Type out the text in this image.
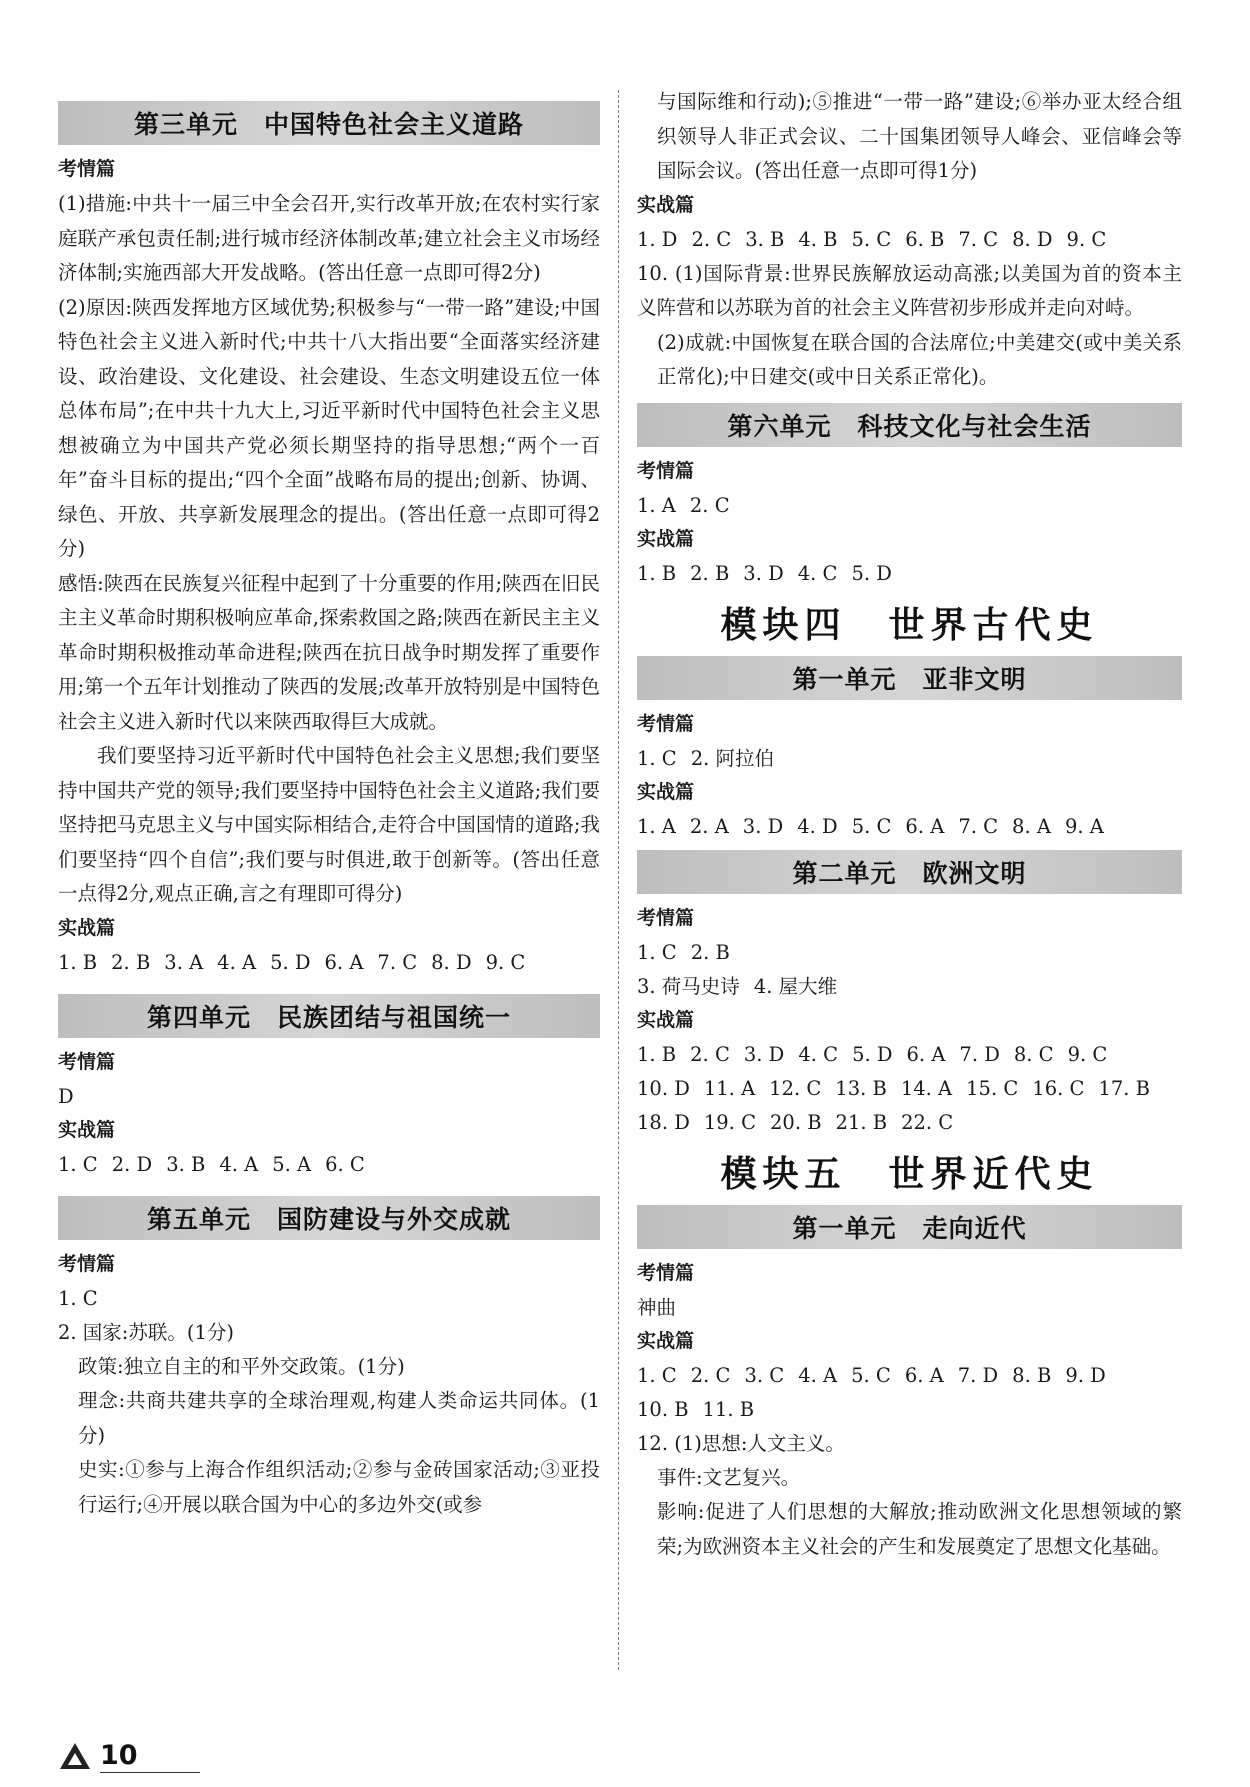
第三单元　中国特色社会主义道路
考情篇

(1)措施:中共十一届三中全会召开,实行改革开放;在农村实行家庭联产承包责任制;进行城市经济体制改革;建立社会主义市场经济体制;实施西部大开发战略。(答出任意一点即可得2分)

(2)原因:陕西发挥地方区域优势;积极参与“一带一路”建设;中国特色社会主义进入新时代;中共十八大指出要“全面落实经济建设、政治建设、文化建设、社会建设、生态文明建设五位一体总体布局”;在中共十九大上,习近平新时代中国特色社会主义思想被确立为中国共产党必须长期坚持的指导思想;“两个一百年”奋斗目标的提出;“四个全面”战略布局的提出;创新、协调、绿色、开放、共享新发展理念的提出。(答出任意一点即可得2分)

感悟:陕西在民族复兴征程中起到了十分重要的作用;陕西在旧民主主义革命时期积极响应革命,探索救国之路;陕西在新民主主义革命时期积极推动革命进程;陕西在抗日战争时期发挥了重要作用;第一个五年计划推动了陕西的发展;改革开放特别是中国特色社会主义进入新时代以来陕西取得巨大成就。

我们要坚持习近平新时代中国特色社会主义思想;我们要坚持中国共产党的领导;我们要坚持中国特色社会主义道路;我们要坚持把马克思主义与中国实际相结合,走符合中国国情的道路;我们要坚持“四个自信”;我们要与时俱进,敢于创新等。(答出任意一点得2分,观点正确,言之有理即可得分)

实战篇
1. B 2. B 3. A 4. A 5. D 6. A 7. C 8. D 9. C
第四单元　民族团结与祖国统一
考情篇
D
实战篇
1. C 2. D 3. B 4. A 5. A 6. C
第五单元　国防建设与外交成就
考情篇
1. C
2. 国家:苏联。(1分)

政策:独立自主的和平外交政策。(1分)

理念:共商共建共享的全球治理观,构建人类命运共同体。(1分)

史实:①参与上海合作组织活动;②参与金砖国家活动;③亚投行运行;④开展以联合国为中心的多边外交(或参

与国际维和行动);⑤推进“一带一路”建设;⑥举办亚太经合组织领导人非正式会议、二十国集团领导人峰会、亚信峰会等国际会议。(答出任意一点即可得1分)

实战篇
1. D 2. C 3. B 4. B 5. C 6. B 7. C 8. D 9. C

10. (1)国际背景:世界民族解放运动高涨;以美国为首的资本主义阵营和以苏联为首的社会主义阵营初步形成并走向对峙。

(2)成就:中国恢复在联合国的合法席位;中美建交(或中美关系正常化);中日建交(或中日关系正常化)。

第六单元　科技文化与社会生活
考情篇
1. A 2. C
实战篇
1. B 2. B 3. D 4. C 5. D
模块四　世界古代史
第一单元　亚非文明
考情篇
1. C 2. 阿拉伯
实战篇
1. A 2. A 3. D 4. D 5. C 6. A 7. C 8. A 9. A
第二单元　欧洲文明
考情篇
1. C 2. B
3. 荷马史诗 4. 屋大维
实战篇
1. B 2. C 3. D 4. C 5. D 6. A 7. D 8. C 9. C
10. D 11. A 12. C 13. B 14. A 15. C 16. C 17. B
18. D 19. C 20. B 21. B 22. C
模块五　世界近代史
第一单元　走向近代
考情篇
神曲
实战篇
1. C 2. C 3. C 4. A 5. C 6. A 7. D 8. B 9. D
10. B 11. B
12. (1)思想:人文主义。

事件:文艺复兴。

影响:促进了人们思想的大解放;推动欧洲文化思想领域的繁荣;为欧洲资本主义社会的产生和发展奠定了思想文化基础。

10
